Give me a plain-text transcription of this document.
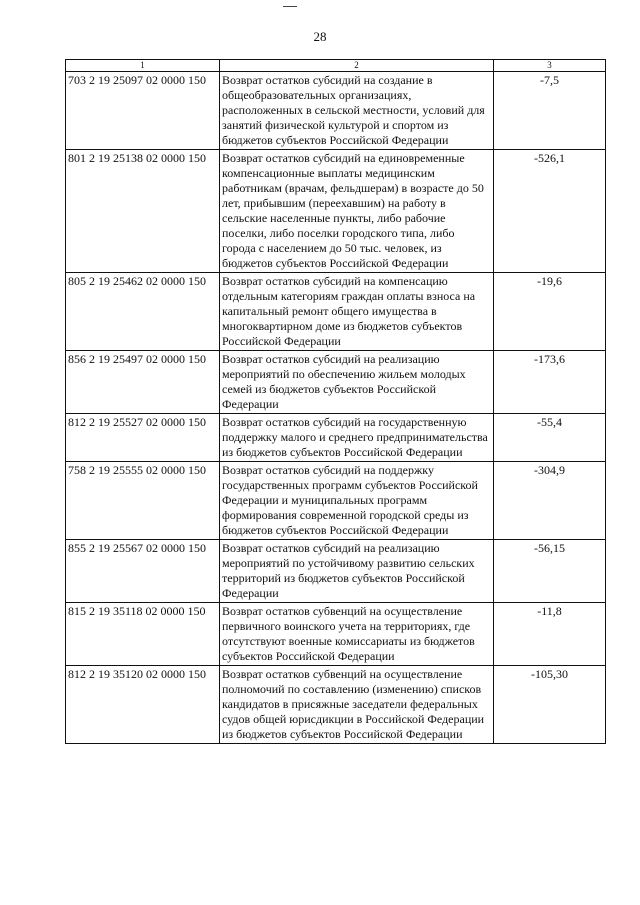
28
1	2	3
703 2 19 25097 02 0000 150	Возврат остатков субсидий на создание в общеобразовательных организациях, расположенных в сельской местности, условий для занятий физической культурой и спортом из бюджетов субъектов Российской Федерации	-7,5
801 2 19 25138 02 0000 150	Возврат остатков субсидий на единовременные компенсационные выплаты медицинским работникам (врачам, фельдшерам) в возрасте до 50 лет, прибывшим (переехавшим) на работу в сельские населенные пункты, либо рабочие поселки, либо поселки городского типа, либо города с населением до 50 тыс. человек, из бюджетов субъектов Российской Федерации	-526,1
805 2 19 25462 02 0000 150	Возврат остатков субсидий на компенсацию отдельным категориям граждан оплаты взноса на капитальный ремонт общего имущества в многоквартирном доме из бюджетов субъектов Российской Федерации	-19,6
856 2 19 25497 02 0000 150	Возврат остатков субсидий на реализацию мероприятий по обеспечению жильем молодых семей из бюджетов субъектов Российской Федерации	-173,6
812 2 19 25527 02 0000 150	Возврат остатков субсидий на государственную поддержку малого и среднего предпринимательства из бюджетов субъектов Российской Федерации	-55,4
758 2 19 25555 02 0000 150	Возврат остатков субсидий на поддержку государственных программ субъектов Российской Федерации и муниципальных программ формирования современной городской среды из бюджетов субъектов Российской Федерации	-304,9
855 2 19 25567 02 0000 150	Возврат остатков субсидий на реализацию мероприятий по устойчивому развитию сельских территорий из бюджетов субъектов Российской Федерации	-56,15
815 2 19 35118 02 0000 150	Возврат остатков субвенций на осуществление первичного воинского учета на территориях, где отсутствуют военные комиссариаты из бюджетов субъектов Российской Федерации	-11,8
812 2 19 35120 02 0000 150	Возврат остатков субвенций на осуществление полномочий по составлению (изменению) списков кандидатов в присяжные заседатели федеральных судов общей юрисдикции в Российской Федерации из бюджетов субъектов Российской Федерации	-105,30
